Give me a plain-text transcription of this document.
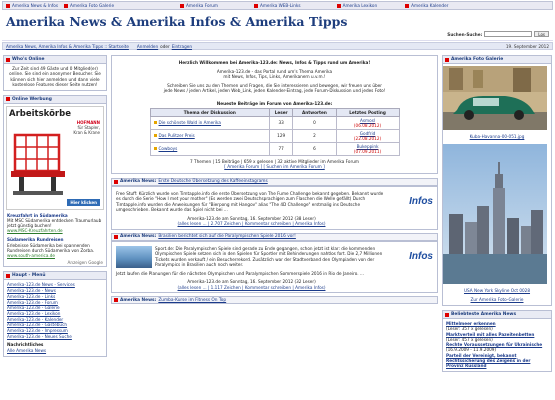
Amerika News & Infos	Amerika Foto Galerie	Amerika Forum	Amerika WEB-Links	Amerika Lexikon	Amerika Kalender
Amerika News & Amerika Infos & Amerika Tipps
Suchen-Suche:	Los
Amerika News, Amerika Infos & Amerika Tipps :: Startseite Anmelden oder Eintragen	19. September 2012
Who's Online
Zur Zeit sind 49 Gäste und 0 Mitglied(er) online. Sie sind ein anonymer Besucher. Sie können sich hier anmelden und dann viele kostenlose Features dieser Seite nutzen!
Online Werbung
Arbeitskörbe
HOFMANN
für Stapler,
Kran & Krane
Hier klicken
Kreuzfahrt in Südamerika
Mit MSC Südamerika entdecken Traumurlaub jetzt günstig buchen!
www.MSC-Kreuzfahrten.de
Südamerika Rundreisen
Erlebnisse Südamerika bei spannenden Rundreisen durch Südamerika von Zorba.
www.south-america.de
Anzeigen Google
Haupt - Menü
Amerika-123.de News - Services
Amerika-123.de - News
Amerika-123.de - Links
Amerika-123.de - Forum
Amerika-123.de - Galerie
Amerika-123.de - Lexikon
Amerika-123.de - Kalender
Amerika-123.de - Gästebuch
Amerika-123.de - Impressum
Amerika-123.de - Neues Suche
Nachrichtliches
Alle Amerika News
Herzlich Willkommen bei Amerika-123.de: News, Infos & Tipps rund um Amerika!
Amerika-123.de - das Portal rund um's Thema Amerika
mit News, Infos, Tips, Links, Amerikanern u.v.m.!
Schreiben Sie uns zu den Themen und Fragen, die Sie interessieren und bewegen, wir freuen uns über
jede News / jeden Artikel, jeden Web_Link, jeden Kalender-Eintrag, jede Forum-Diskussion und jedes Foto!
Neueste Beiträge im Forum von Amerika-123.de:
Thema der Diskussion	Leser	Antworten	Letztes Posting
Die schönste Wald in Amerika	33	0	Asmosl
(06.08.2012)

Das Pulitzer Preis	129	2	Godfrid
(22.08.2012)

Cowboys	77	6	Bukeppink
(07.09.2011)
7 Themen | 15 Beiträge | 659 x gelesen | 32 aktive Mitglieder im Amerika Forum
[ Amerika Forum ] [ Suchen im Amerika Forum ]
Amerika News: Erste Deutsche Übersetzung des Kaffeeinstagrams
Free Stuff: Kürzlich wurde von Timtapple.info die erste Übersetzung von The Fume Challenge bekannt gegeben. Bekannt wurde es durch die Serie "How I met your mother" (Es werden zwei Deutschsprachigen zum Flaschen die Welle gefällt) Durch Timtapple.info wurden die Anweisungen für "Bierpong mit Hangov" alias "The 4D Challenge" erstmalig ins Deutsche umgeschrieben. Bekannt wurde das Spiel nicht bei ...
Amerika-123.de am Sonntag, 16. September 2012 (38 Leser)
(alles lesen ... | 2.707 Zeichen | Kommentar schreiben | Amerika Infos)
Infos
Amerika News: Brasilien berichtet sich auf die Paralympischen Spiele 2016 vor!
Sport.de: Die Paralympischen Spiele sind gerade zu Ende gegangen, schon jetzt ist klar: die kommenden Olympischen Spiele setzen sich in den Spielen für Sportler mit Behinderungen nahtlos fort. Die 2,7 Millionen Tickets wurden verkauft / ein Besucherrekord. Zusätzlich war der Stadtverband den Olympiaden von der Paralympics in Brasilien auch noch weiter.
Jetzt laufen die Planungen für die nächsten Olympischen und Paralympischen Sommerspiele 2016 in Rio de Janeiro. ...
Amerika-123.de am Sonntag, 16. September 2012 (32 Leser)
(alles lesen ... | 1.117 Zeichen | Kommentar schreiben | Amerika Infos)
Infos
Amerika News: Zumba-Kurse im Fitness On Top
Amerika Foto Galerie
Kuba-Havanna-00-051.jpg
USA New York Skyline Oct 0028
Zur Amerika Foto-Galerie
Beliebteste Amerika News
Mittelmeer erkennen
(Leser: 357 x gelesen)
Marktverteil mit alles Pazeitenbetten
(Leser: 457 x gelesen)
Rechte Voraussetzungen für Ukrainische
(16.9.2009 - 11.9.2009)
Parteil der Vereinigt, bekannt Rechtssicherung des Zeigens in der Provinz Russland
